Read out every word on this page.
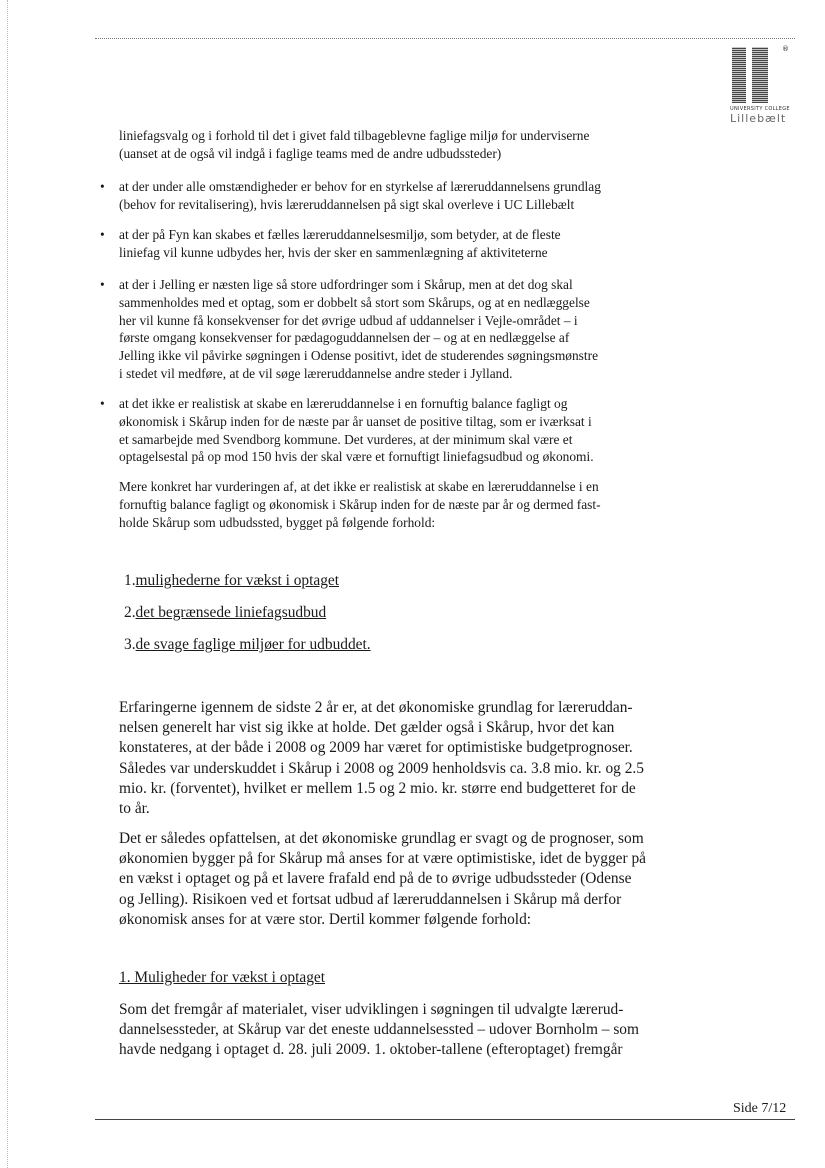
®
UNIVERSITY COLLEGE
Lillebælt
liniefagsvalg og i forhold til det i givet fald tilbageblevne faglige miljø for underviserne
(uanset at de også vil indgå i faglige teams med de andre udbudssteder)
• at der under alle omstændigheder er behov for en styrkelse af læreruddannelsens grundlag
(behov for revitalisering), hvis læreruddannelsen på sigt skal overleve i UC Lillebælt
• at der på Fyn kan skabes et fælles læreruddannelsesmiljø, som betyder, at de fleste
liniefag vil kunne udbydes her, hvis der sker en sammenlægning af aktiviteterne
• at der i Jelling er næsten lige så store udfordringer som i Skårup, men at det dog skal
sammenholdes med et optag, som er dobbelt så stort som Skårups, og at en nedlæggelse
her vil kunne få konsekvenser for det øvrige udbud af uddannelser i Vejle-området – i
første omgang konsekvenser for pædagoguddannelsen der – og at en nedlæggelse af
Jelling ikke vil påvirke søgningen i Odense positivt, idet de studerendes søgningsmønstre
i stedet vil medføre, at de vil søge læreruddannelse andre steder i Jylland.
• at det ikke er realistisk at skabe en læreruddannelse i en fornuftig balance fagligt og
økonomisk i Skårup inden for de næste par år uanset de positive tiltag, som er iværksat i
et samarbejde med Svendborg kommune. Det vurderes, at der minimum skal være et
optagelsestal på op mod 150 hvis der skal være et fornuftigt liniefagsudbud og økonomi.
Mere konkret har vurderingen af, at det ikke er realistisk at skabe en læreruddannelse i en
fornuftig balance fagligt og økonomisk i Skårup inden for de næste par år og dermed fast-
holde Skårup som udbudssted, bygget på følgende forhold:
1.mulighederne for vækst i optaget
2.det begrænsede liniefagsudbud
3.de svage faglige miljøer for udbuddet.
Erfaringerne igennem de sidste 2 år er, at det økonomiske grundlag for læreruddan-
nelsen generelt har vist sig ikke at holde. Det gælder også i Skårup, hvor det kan
konstateres, at der både i 2008 og 2009 har været for optimistiske budgetprognoser.
Således var underskuddet i Skårup i 2008 og 2009 henholdsvis ca. 3.8 mio. kr. og 2.5
mio. kr. (forventet), hvilket er mellem 1.5 og 2 mio. kr. større end budgetteret for de
to år.
Det er således opfattelsen, at det økonomiske grundlag er svagt og de prognoser, som
økonomien bygger på for Skårup må anses for at være optimistiske, idet de bygger på
en vækst i optaget og på et lavere frafald end på de to øvrige udbudssteder (Odense
og Jelling). Risikoen ved et fortsat udbud af læreruddannelsen i Skårup må derfor
økonomisk anses for at være stor. Dertil kommer følgende forhold:
1. Muligheder for vækst i optaget
Som det fremgår af materialet, viser udviklingen i søgningen til udvalgte lærerud-
dannelsessteder, at Skårup var det eneste uddannelsessted – udover Bornholm – som
havde nedgang i optaget d. 28. juli 2009. 1. oktober-tallene (efteroptaget) fremgår
Side 7/12
